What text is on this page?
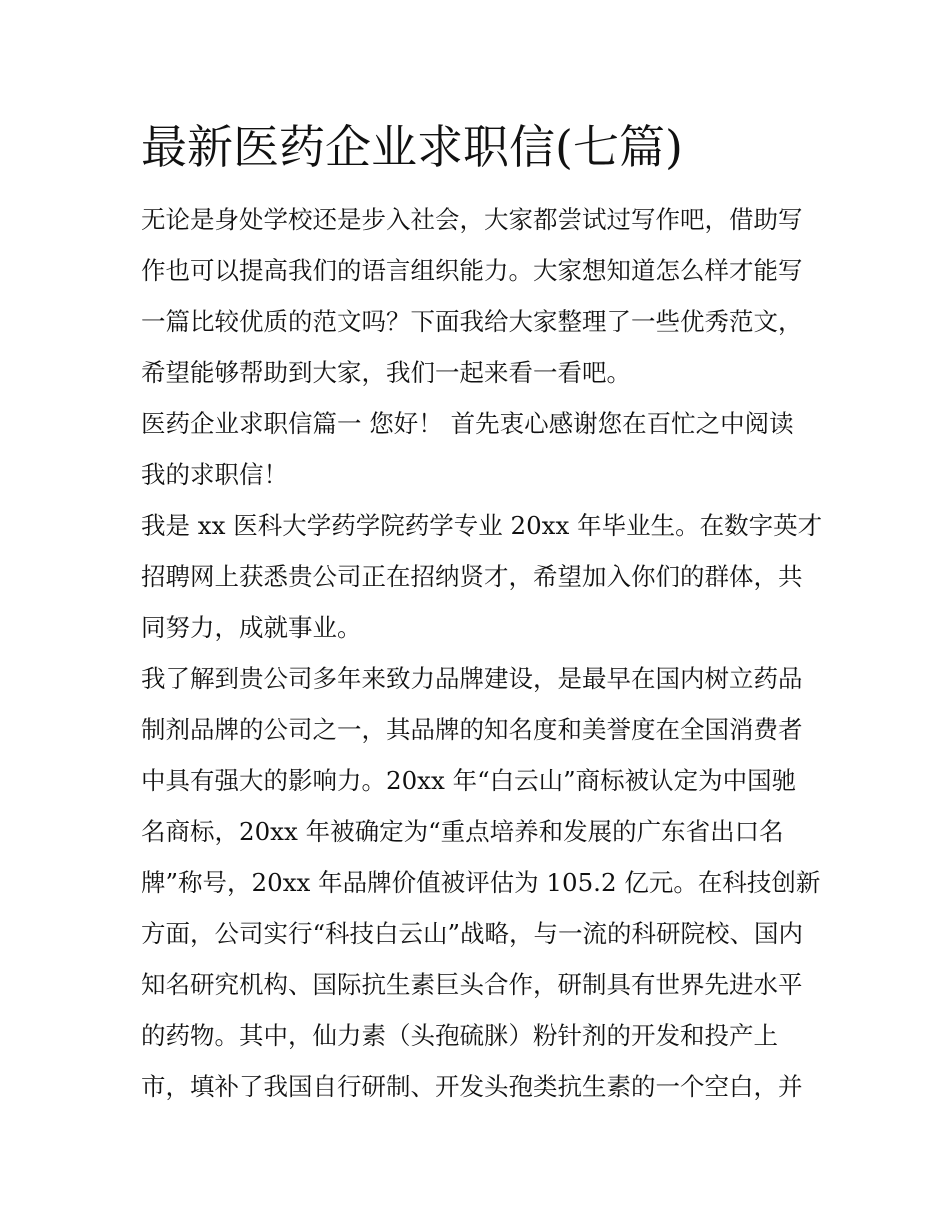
最新医药企业求职信(七篇)

无论是身处学校还是步入社会，大家都尝试过写作吧，借助写

作也可以提高我们的语言组织能力。大家想知道怎么样才能写

一篇比较优质的范文吗？下面我给大家整理了一些优秀范文，

希望能够帮助到大家，我们一起来看一看吧。

医药企业求职信篇一 您好！ 首先衷心感谢您在百忙之中阅读

我的求职信！

我是 xx 医科大学药学院药学专业 20xx 年毕业生。在数字英才

招聘网上获悉贵公司正在招纳贤才，希望加入你们的群体，共

同努力，成就事业。

我了解到贵公司多年来致力品牌建设，是最早在国内树立药品

制剂品牌的公司之一，其品牌的知名度和美誉度在全国消费者

中具有强大的影响力。20xx 年“白云山”商标被认定为中国驰

名商标，20xx 年被确定为“重点培养和发展的广东省出口名

牌”称号，20xx 年品牌价值被评估为 105.2 亿元。在科技创新

方面，公司实行“科技白云山”战略，与一流的科研院校、国内

知名研究机构、国际抗生素巨头合作，研制具有世界先进水平

的药物。其中，仙力素（头孢硫脒）粉针剂的开发和投产上

市，填补了我国自行研制、开发头孢类抗生素的一个空白，并
